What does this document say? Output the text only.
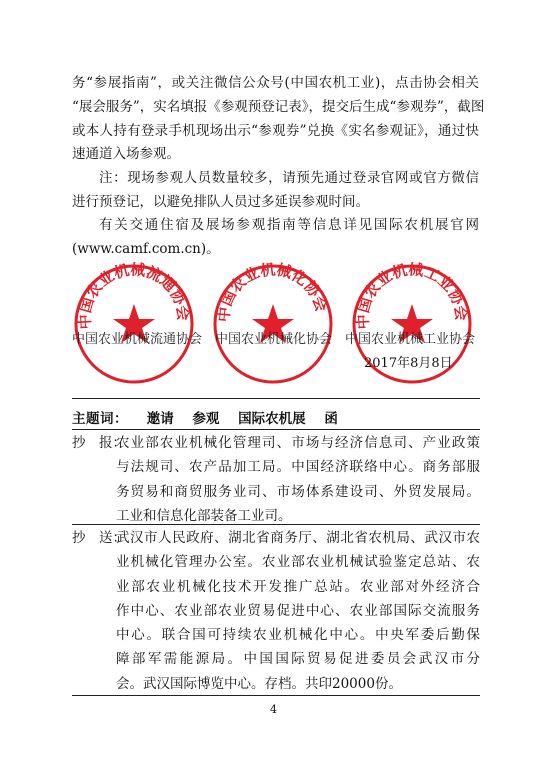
务“参展指南”，或关注微信公众号(中国农机工业)，点击协会相关
“展会服务”，实名填报《参观预登记表》，提交后生成“参观券”，截图
或本人持有登录手机现场出示“参观券”兑换《实名参观证》，通过快
速通道入场参观。
注：现场参观人员数量较多，请预先通过登录官网或官方微信
进行预登记，以避免排队人员过多延误参观时间。
有关交通住宿及展场参观指南等信息详见国际农机展官网
(www.camf.com.cn)。
中国农业机械流通协会 中国农业机械化协会
中国农业机械工业协会
中国农业机械流通协会 中国农业机械化协会 中国农业机械工业协会
2017年8月8日
主题词： 邀请 参观 国际农机展 函
抄　报：
农业部农业机械化管理司、市场与经济信息司、产业政策
与法规司、农产品加工局。中国经济联络中心。商务部服
务贸易和商贸服务业司、市场体系建设司、外贸发展局。
工业和信息化部装备工业司。
抄　送：
武汉市人民政府、湖北省商务厅、湖北省农机局、武汉市农
业机械化管理办公室。农业部农业机械试验鉴定总站、农
业部农业机械化技术开发推广总站。农业部对外经济合
作中心、农业部农业贸易促进中心、农业部国际交流服务
中心。联合国可持续农业机械化中心。中央军委后勤保
障部军需能源局。中国国际贸易促进委员会武汉市分
会。武汉国际博览中心。存档。共印20000份。
4
